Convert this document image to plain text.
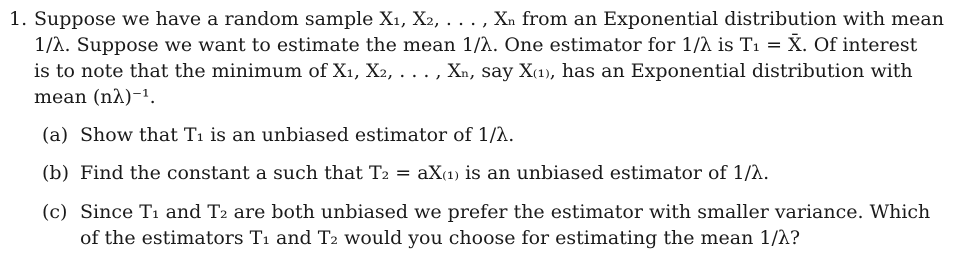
1. Suppose we have a random sample X₁, X₂, . . . , Xₙ from an Exponential distribution with mean
1/λ. Suppose we want to estimate the mean 1/λ. One estimator for 1/λ is T₁ = X̄. Of interest
is to note that the minimum of X₁, X₂, . . . , Xₙ, say X₍₁₎, has an Exponential distribution with
mean (nλ)⁻¹.
(a) Show that T₁ is an unbiased estimator of 1/λ.
(b) Find the constant a such that T₂ = aX₍₁₎ is an unbiased estimator of 1/λ.
(c) Since T₁ and T₂ are both unbiased we prefer the estimator with smaller variance. Which
of the estimators T₁ and T₂ would you choose for estimating the mean 1/λ?
